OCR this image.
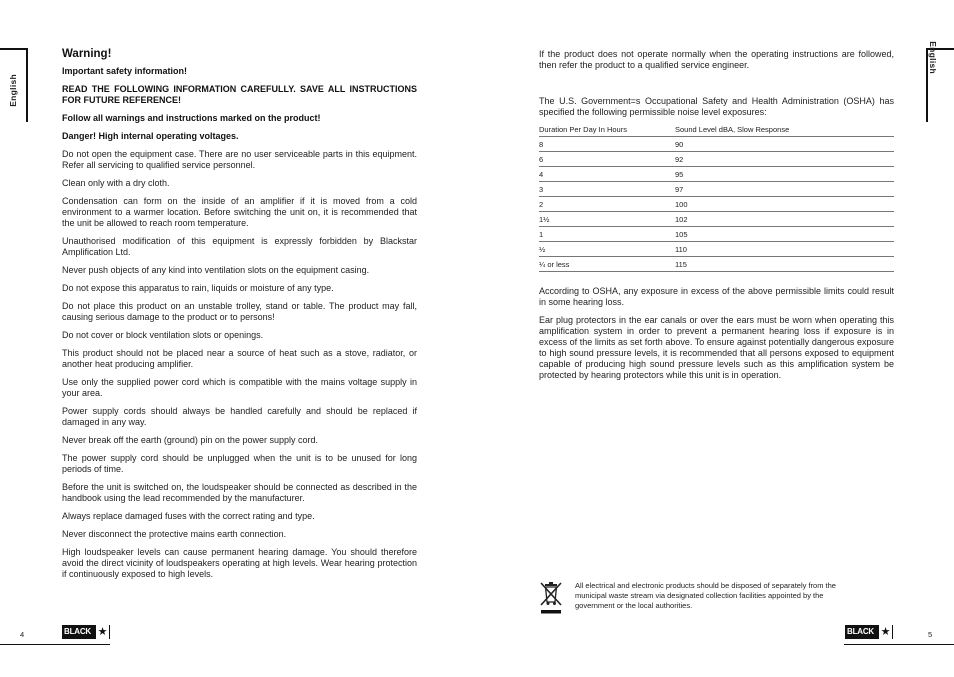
English
English
Warning!

Important safety information!

READ THE FOLLOWING INFORMATION CAREFULLY. SAVE ALL INSTRUCTIONS FOR FUTURE REFERENCE!

Follow all warnings and instructions marked on the product!

Danger! High internal operating voltages.

Do not open the equipment case. There are no user serviceable parts in this equipment. Refer all servicing to qualified service personnel.

Clean only with a dry cloth.

Condensation can form on the inside of an amplifier if it is moved from a cold environment to a warmer location. Before switching the unit on, it is recommended that the unit be allowed to reach room temperature.

Unauthorised modification of this equipment is expressly forbidden by Blackstar Amplification Ltd.

Never push objects of any kind into ventilation slots on the equipment casing.

Do not expose this apparatus to rain, liquids or moisture of any type.

Do not place this product on an unstable trolley, stand or table. The product may fall, causing serious damage to the product or to persons!

Do not cover or block ventilation slots or openings.

This product should not be placed near a source of heat such as a stove, radiator, or another heat producing amplifier.

Use only the supplied power cord which is compatible with the mains voltage supply in your area.

Power supply cords should always be handled carefully and should be replaced if damaged in any way.

Never break off the earth (ground) pin on the power supply cord.

The power supply cord should be unplugged when the unit is to be unused for long periods of time.

Before the unit is switched on, the loudspeaker should be connected as described in the handbook using the lead recommended by the manufacturer.

Always replace damaged fuses with the correct rating and type.

Never disconnect the protective mains earth connection.

High loudspeaker levels can cause permanent hearing damage. You should therefore avoid the direct vicinity of loudspeakers operating at high levels. Wear hearing protection if continuously exposed to high levels.

If the product does not operate normally when the operating instructions are followed, then refer the product to a qualified service engineer.

The U.S. Government=s Occupational Safety and Health Administration (OSHA) has specified the following permissible noise level exposures:

Duration Per Day In Hours	Sound Level dBA, Slow Response
8	90
6	92
4	95
3	97
2	100
1½	102
1	105
½	110
¼ or less	115

According to OSHA, any exposure in excess of the above permissible limits could result in some hearing loss.

Ear plug protectors in the ear canals or over the ears must be worn when operating this amplification system in order to prevent a permanent hearing loss if exposure is in excess of the limits as set forth above. To ensure against potentially dangerous exposure to high sound pressure levels, it is recommended that all persons exposed to equipment capable of producing high sound pressure levels such as this amplification system be protected by hearing protectors while this unit is in operation.

All electrical and electronic products should be disposed of separately from the municipal waste stream via designated collection facilities appointed by the government or the local authorities.
4	5
BLACK ★	BLACK ★
